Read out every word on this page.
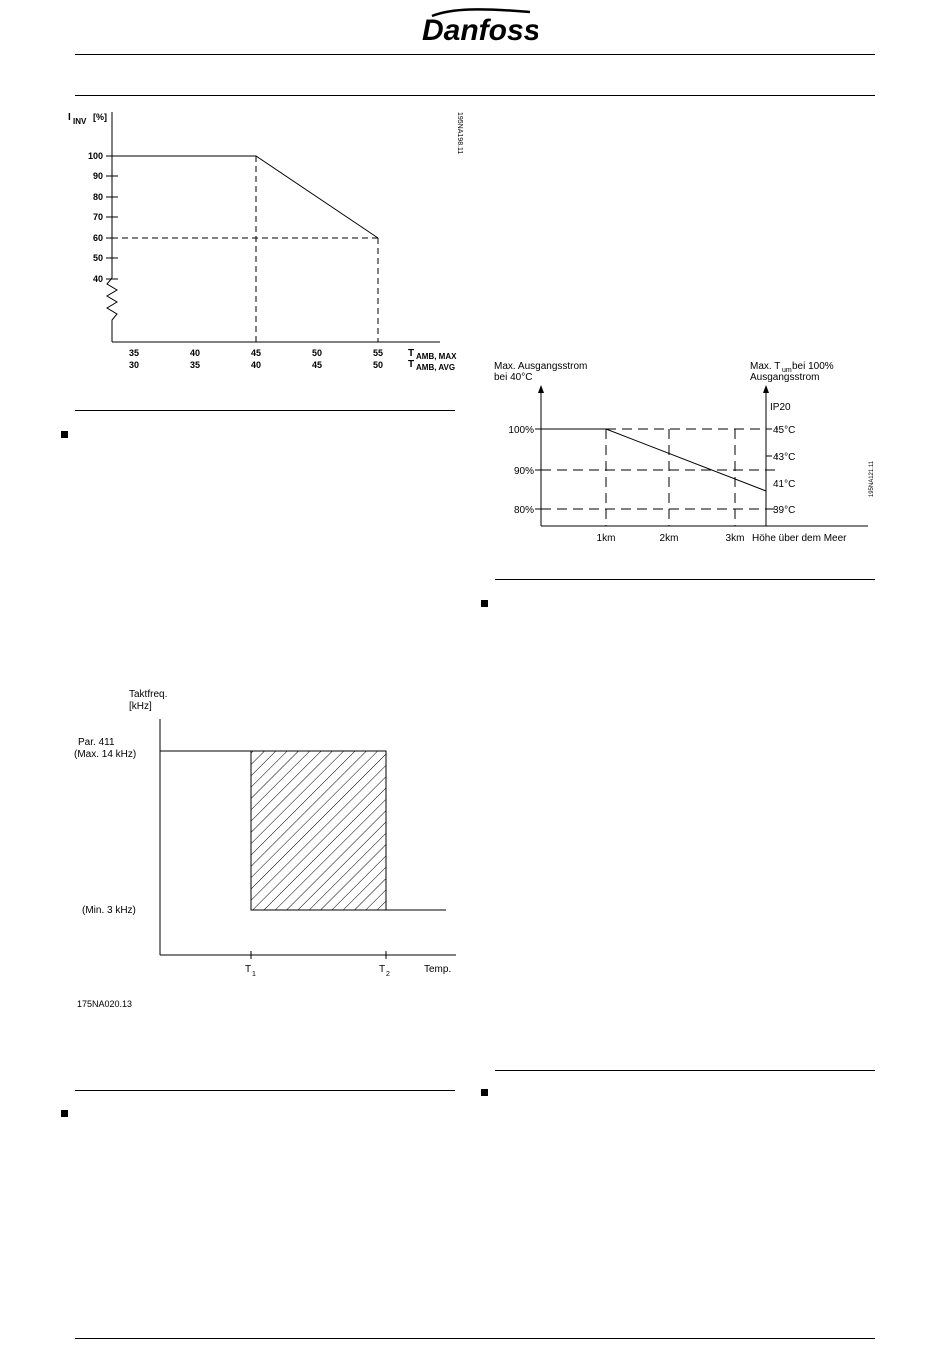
Danfoss
I INV [%]
100
90
80
70
60
50
40
35
30
40
35
45
40
50
45
55
50
T AMB, MAX
T AMB, AVG
195NA198.11
Max. Ausgangsstrom
bei 40°C
Max. T um bei 100%
Ausgangsstrom
IP20
100%
90%
80%
45°C
43°C
41°C
39°C
1km	2km	3km Höhe über dem Meer
195NA121.11
Taktfreq.
[kHz]
Par. 411
(Max. 14 kHz)
(Min. 3 kHz)
T 1	T 2	Temp.
175NA020.13
